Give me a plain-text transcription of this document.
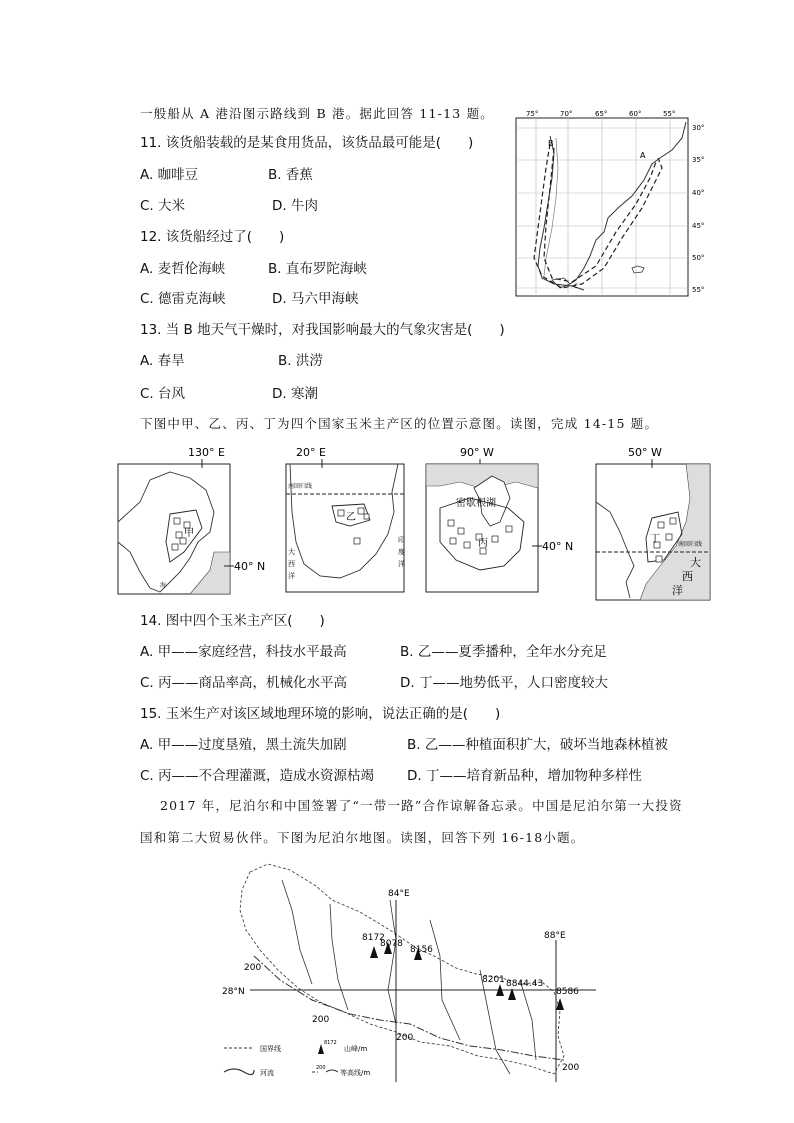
一般船从 A 港沿图示路线到 B 港。据此回答 11-13 题。
11. 该货船装载的是某食用货品，该货品最可能是(　　)
A. 咖啡豆	B. 香蕉
C. 大米	D. 牛肉
12. 该货船经过了(　　)
A. 麦哲伦海峡	B. 直布罗陀海峡
C. 德雷克海峡	D. 马六甲海峡
13. 当 B 地天气干燥时，对我国影响最大的气象灾害是(　　)
A. 春旱	B. 洪涝
C. 台风	D. 寒潮
75°	70°	65°	60°	55°
30°
35°
40°
45°
50°
55°
B
A
C
下图中甲、乙、丙、丁为四个国家玉米主产区的位置示意图。读图，完成 14-15 题。
130° E
甲
海
40° N
20° E
南回归线
乙
大
西
洋
印
度
洋
90° W
密歇根湖
丙	40° N
50° W
南回归线
丁
大
西
洋
14. 图中四个玉米主产区(　　)
A. 甲——家庭经营，科技水平最高	B. 乙——夏季播种，全年水分充足
C. 丙——商品率高，机械化水平高	D. 丁——地势低平，人口密度较大
15. 玉米生产对该区域地理环境的影响，说法正确的是(　　)
A. 甲——过度垦殖，黑土流失加剧	B. 乙——种植面积扩大，破坏当地森林植被
C. 丙——不合理灌溉，造成水资源枯竭 D. 丁——培育新品种，增加物种多样性
2017 年，尼泊尔和中国签署了“一带一路”合作谅解备忘录。中国是尼泊尔第一大投资
国和第二大贸易伙伴。下图为尼泊尔地图。读图，回答下列 16-18小题。
84°E
88°E
28°N
8172
8078
8156
8201 8844.43
8586
200
200
200
200
国界线
8172
山峰/m
河流
200
等高线/m
